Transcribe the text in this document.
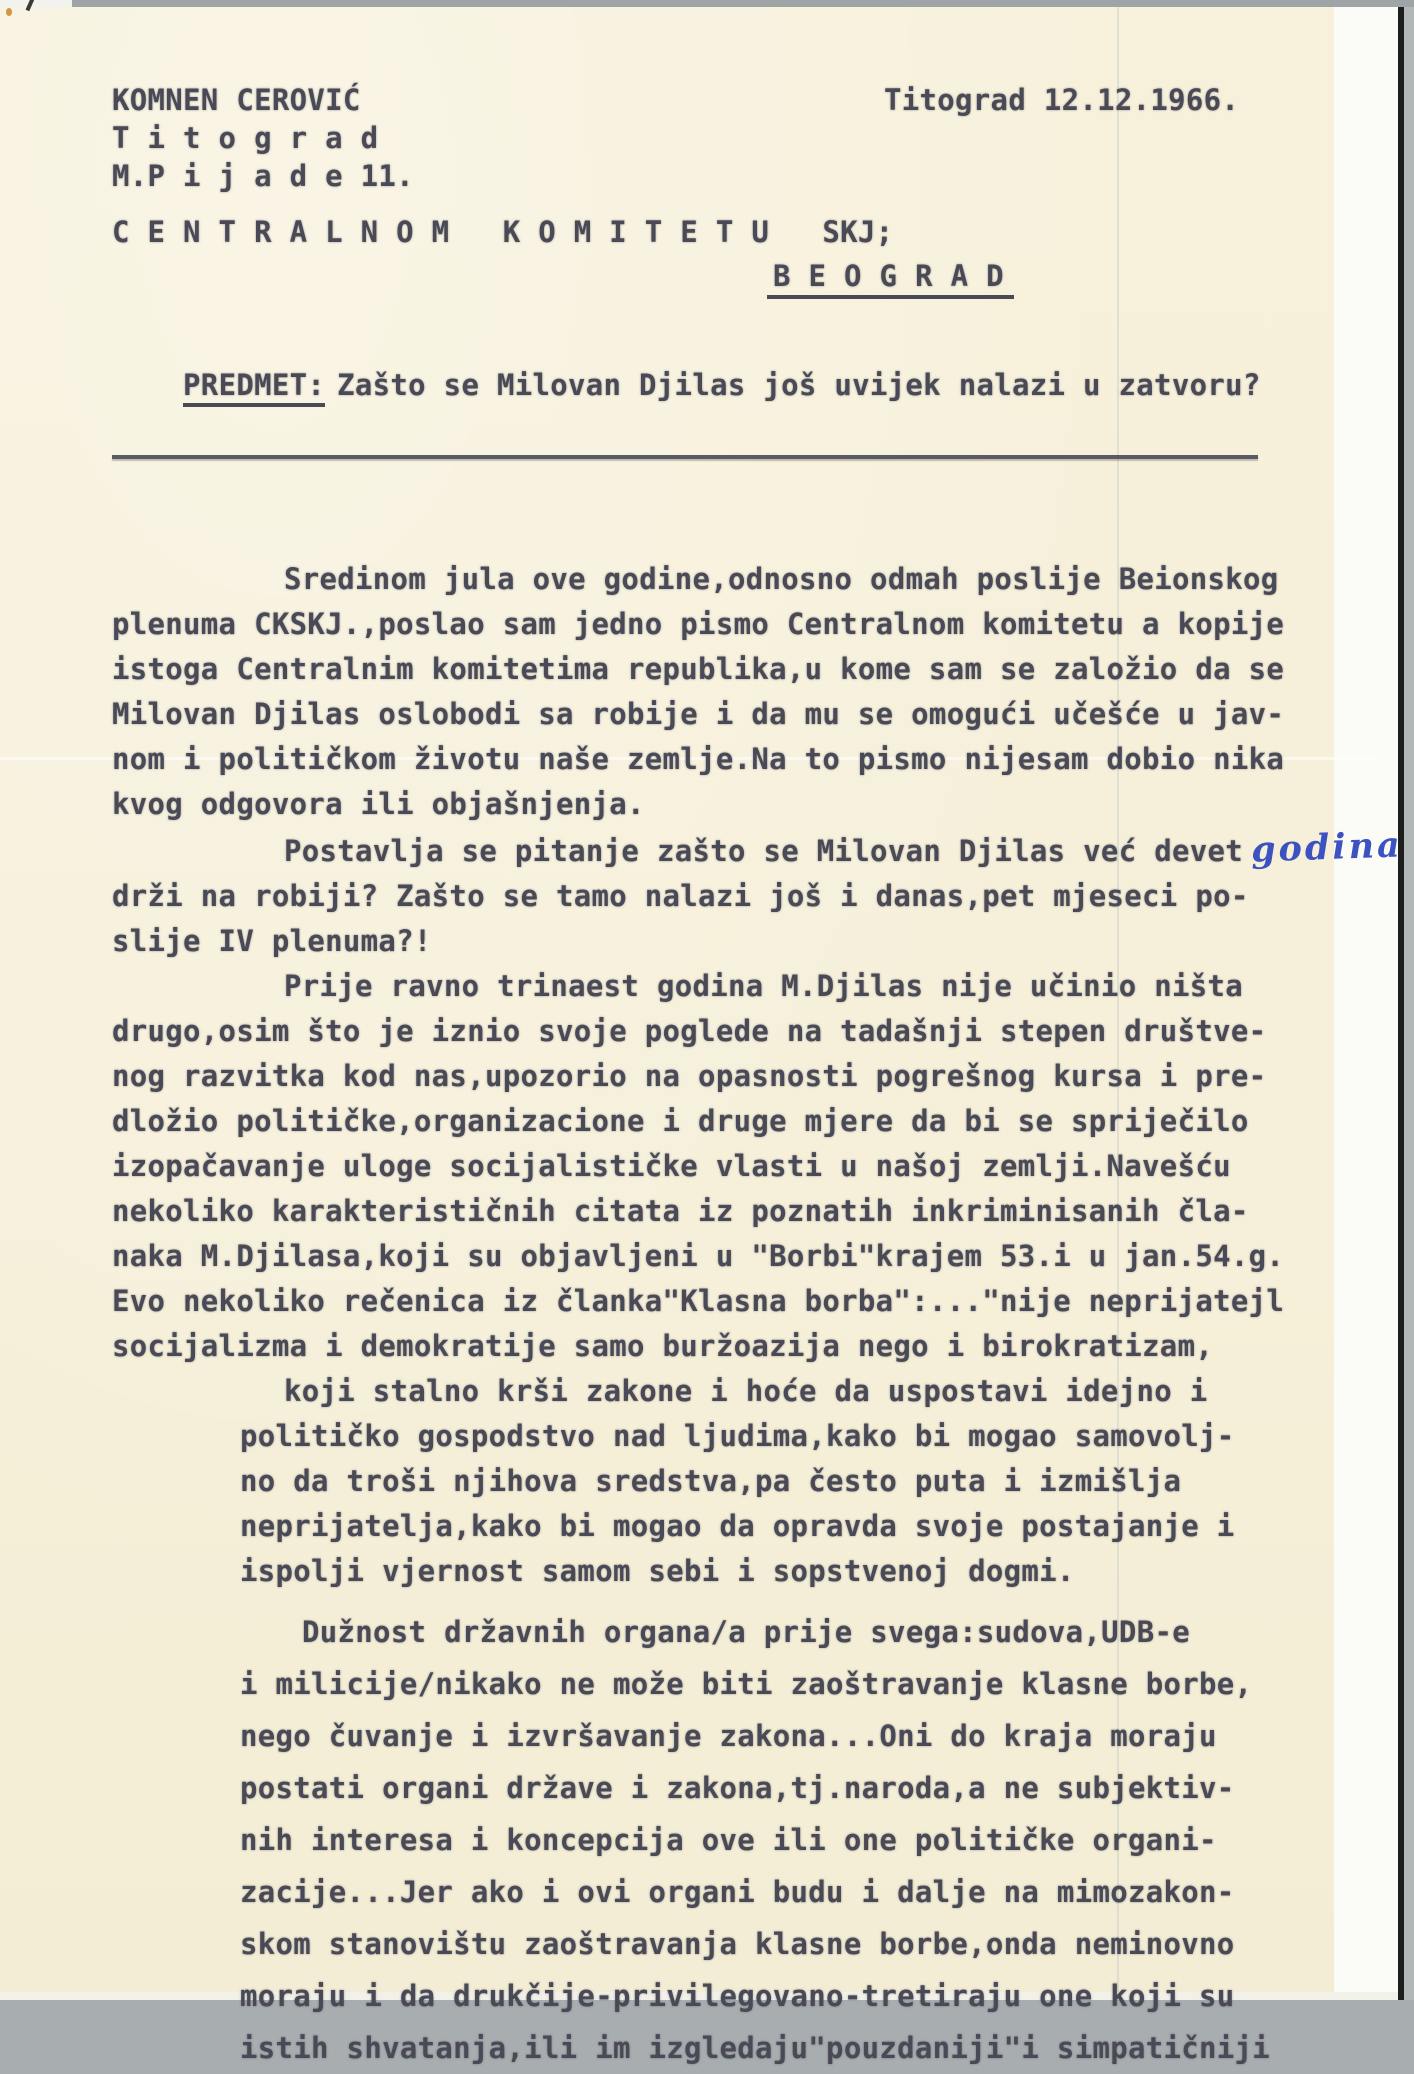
KOMNEN CEROVIĆ
T i t o g r a d
M.P i j a d e 11.
Titograd 12.12.1966.
C E N T R A L N O M   K O M I T E T U   SKJ;
B E O G R A D

PREDMET: Zašto se Milovan Djilas još uvijek nalazi u zatvoru?

Sredinom jula ove godine,odnosno odmah poslije Beionskog
plenuma CKSKJ.,poslao sam jedno pismo Centralnom komitetu a kopije
istoga Centralnim komitetima republika,u kome sam se založio da se
Milovan Djilas oslobodi sa robije i da mu se omogući učešće u jav-
nom i političkom životu naše zemlje.Na to pismo nijesam dobio nika
kvog odgovora ili objašnjenja.
Postavlja se pitanje zašto se Milovan Djilas već devet godina
drži na robiji? Zašto se tamo nalazi još i danas,pet mjeseci po-
slije IV plenuma?!
Prije ravno trinaest godina M.Djilas nije učinio ništa
drugo,osim što je iznio svoje poglede na tadašnji stepen društve-
nog razvitka kod nas,upozorio na opasnosti pogrešnog kursa i pre-
dložio političke,organizacione i druge mjere da bi se spriječilo
izopačavanje uloge socijalističke vlasti u našoj zemlji.Navešću
nekoliko karakterističnih citata iz poznatih inkriminisanih čla-
naka M.Djilasa,koji su objavljeni u "Borbi"krajem 53.i u jan.54.g.
Evo nekoliko rečenica iz članka"Klasna borba":..."nije neprijatejl
socijalizma i demokratije samo buržoazija nego i birokratizam,
koji stalno krši zakone i hoće da uspostavi idejno i
političko gospodstvo nad ljudima,kako bi mogao samovolj-
no da troši njihova sredstva,pa često puta i izmišlja
neprijatelja,kako bi mogao da opravda svoje postajanje i
ispolji vjernost samom sebi i sopstvenoj dogmi.
Dužnost državnih organa/a prije svega:sudova,UDB-e
i milicije/nikako ne može biti zaoštravanje klasne borbe,
nego čuvanje i izvršavanje zakona...Oni do kraja moraju
postati organi države i zakona,tj.naroda,a ne subjektiv-
nih interesa i koncepcija ove ili one političke organi-
zacije...Jer ako i ovi organi budu i dalje na mimozakon-
skom stanovištu zaoštravanja klasne borbe,onda neminovno
moraju i da drukčije-privilegovano-tretiraju one koji su
istih shvatanja,ili im izgledaju"pouzdaniji"i simpatičniji
